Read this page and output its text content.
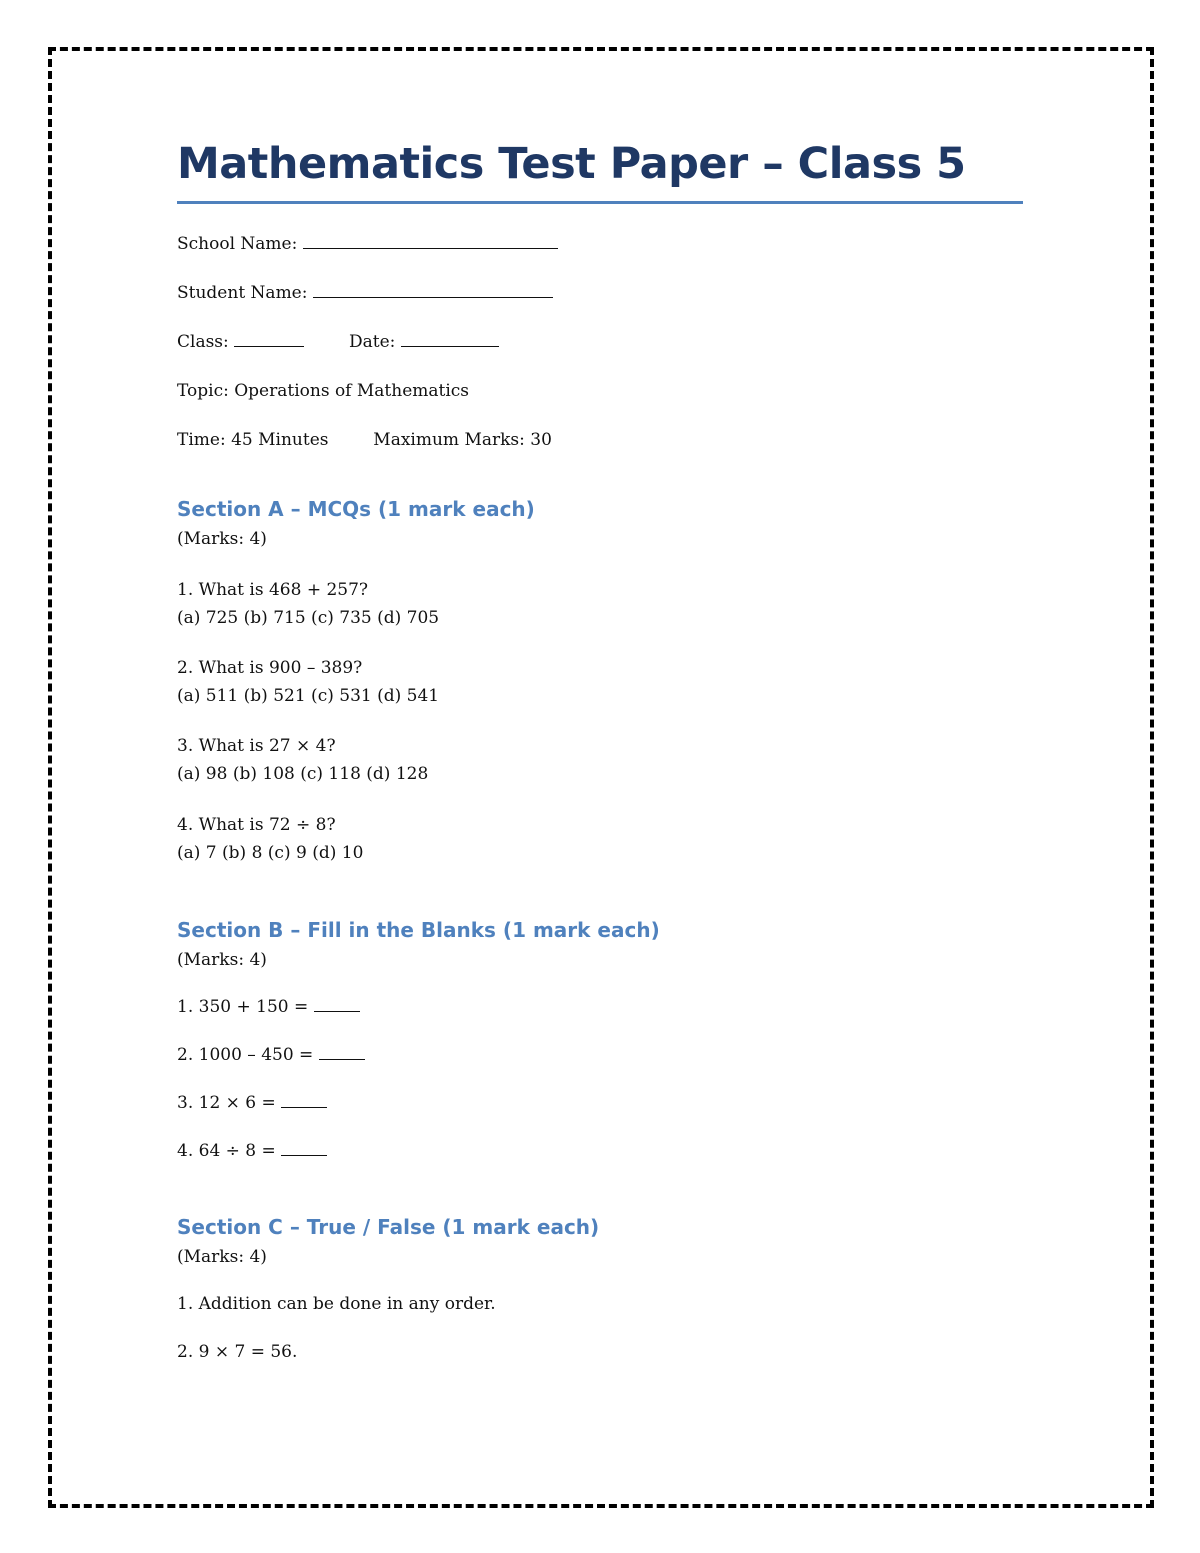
Mathematics Test Paper – Class 5
School Name:
Student Name:
Class:	Date:
Topic: Operations of Mathematics
Time: 45 Minutes	Maximum Marks: 30
Section A – MCQs (1 mark each)

(Marks: 4)

1. What is 468 + 257?
(a) 725 (b) 715 (c) 735 (d) 705

2. What is 900 – 389?
(a) 511 (b) 521 (c) 531 (d) 541

3. What is 27 × 4?
(a) 98 (b) 108 (c) 118 (d) 128

4. What is 72 ÷ 8?
(a) 7 (b) 8 (c) 9 (d) 10

Section B – Fill in the Blanks (1 mark each)

(Marks: 4)

1. 350 + 150 =

2. 1000 – 450 =

3. 12 × 6 =

4. 64 ÷ 8 =

Section C – True / False (1 mark each)

(Marks: 4)

1. Addition can be done in any order.

2. 9 × 7 = 56.
